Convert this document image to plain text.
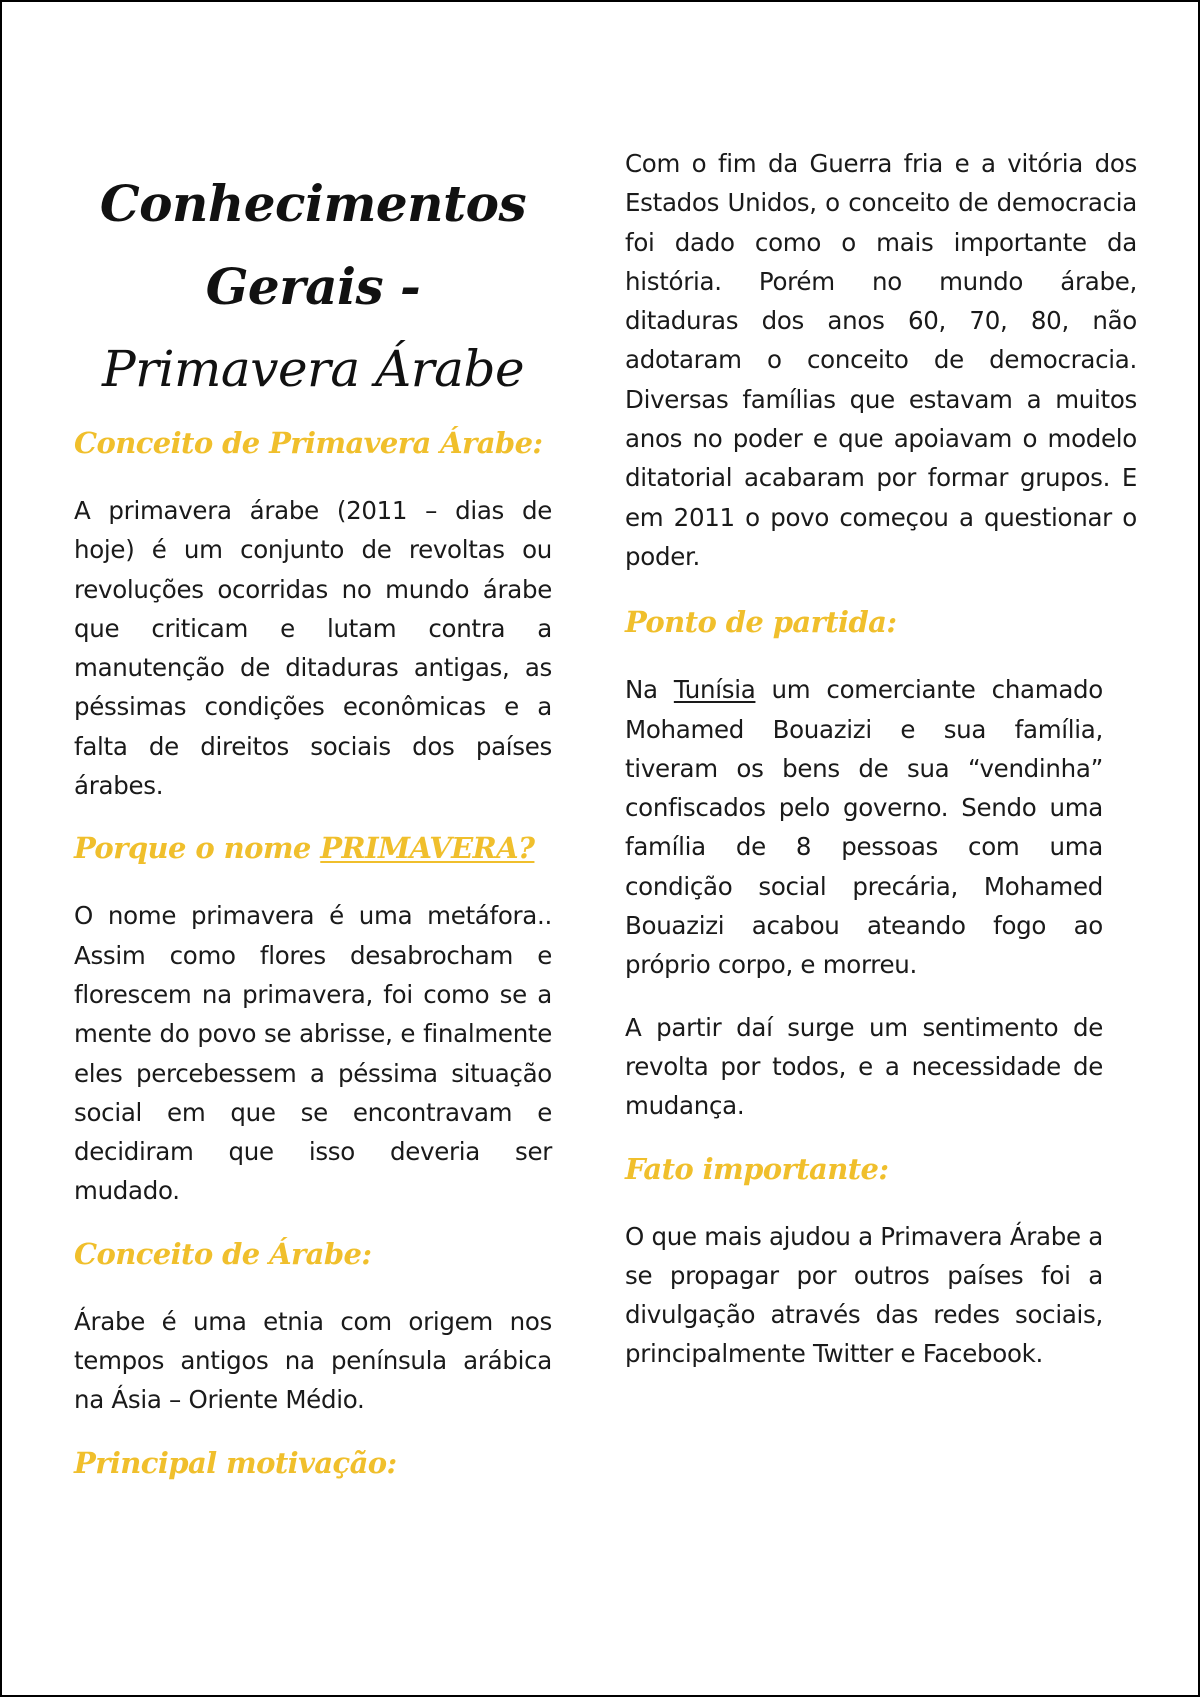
Conhecimentos
Gerais -
Primavera Árabe
Conceito de Primavera Árabe:

A primavera árabe (2011 – dias de hoje) é um conjunto de revoltas ou revoluções ocorridas no mundo árabe que criticam e lutam contra a manutenção de ditaduras antigas, as péssimas condições econômicas e a falta de direitos sociais dos países árabes.

Porque o nome PRIMAVERA?

O nome primavera é uma metáfora.. Assim como flores desabrocham e florescem na primavera, foi como se a mente do povo se abrisse, e finalmente eles percebessem a péssima situação social em que se encontravam e decidiram que isso deveria ser mudado.

Conceito de Árabe:

Árabe é uma etnia com origem nos tempos antigos na península arábica na Ásia – Oriente Médio.

Principal motivação:

Com o fim da Guerra fria e a vitória dos Estados Unidos, o conceito de democracia foi dado como o mais importante da história. Porém no mundo árabe, ditaduras dos anos 60, 70, 80, não adotaram o conceito de democracia. Diversas famílias que estavam a muitos anos no poder e que apoiavam o modelo ditatorial acabaram por formar grupos. E em 2011 o povo começou a questionar o poder.

Ponto de partida:

Na Tunísia um comerciante chamado Mohamed Bouazizi e sua família, tiveram os bens de sua “vendinha” confiscados pelo governo. Sendo uma família de 8 pessoas com uma condição social precária, Mohamed Bouazizi acabou ateando fogo ao próprio corpo, e morreu.

A partir daí surge um sentimento de revolta por todos, e a necessidade de mudança.

Fato importante:

O que mais ajudou a Primavera Árabe a se propagar por outros países foi a divulgação através das redes sociais, principalmente Twitter e Facebook.
